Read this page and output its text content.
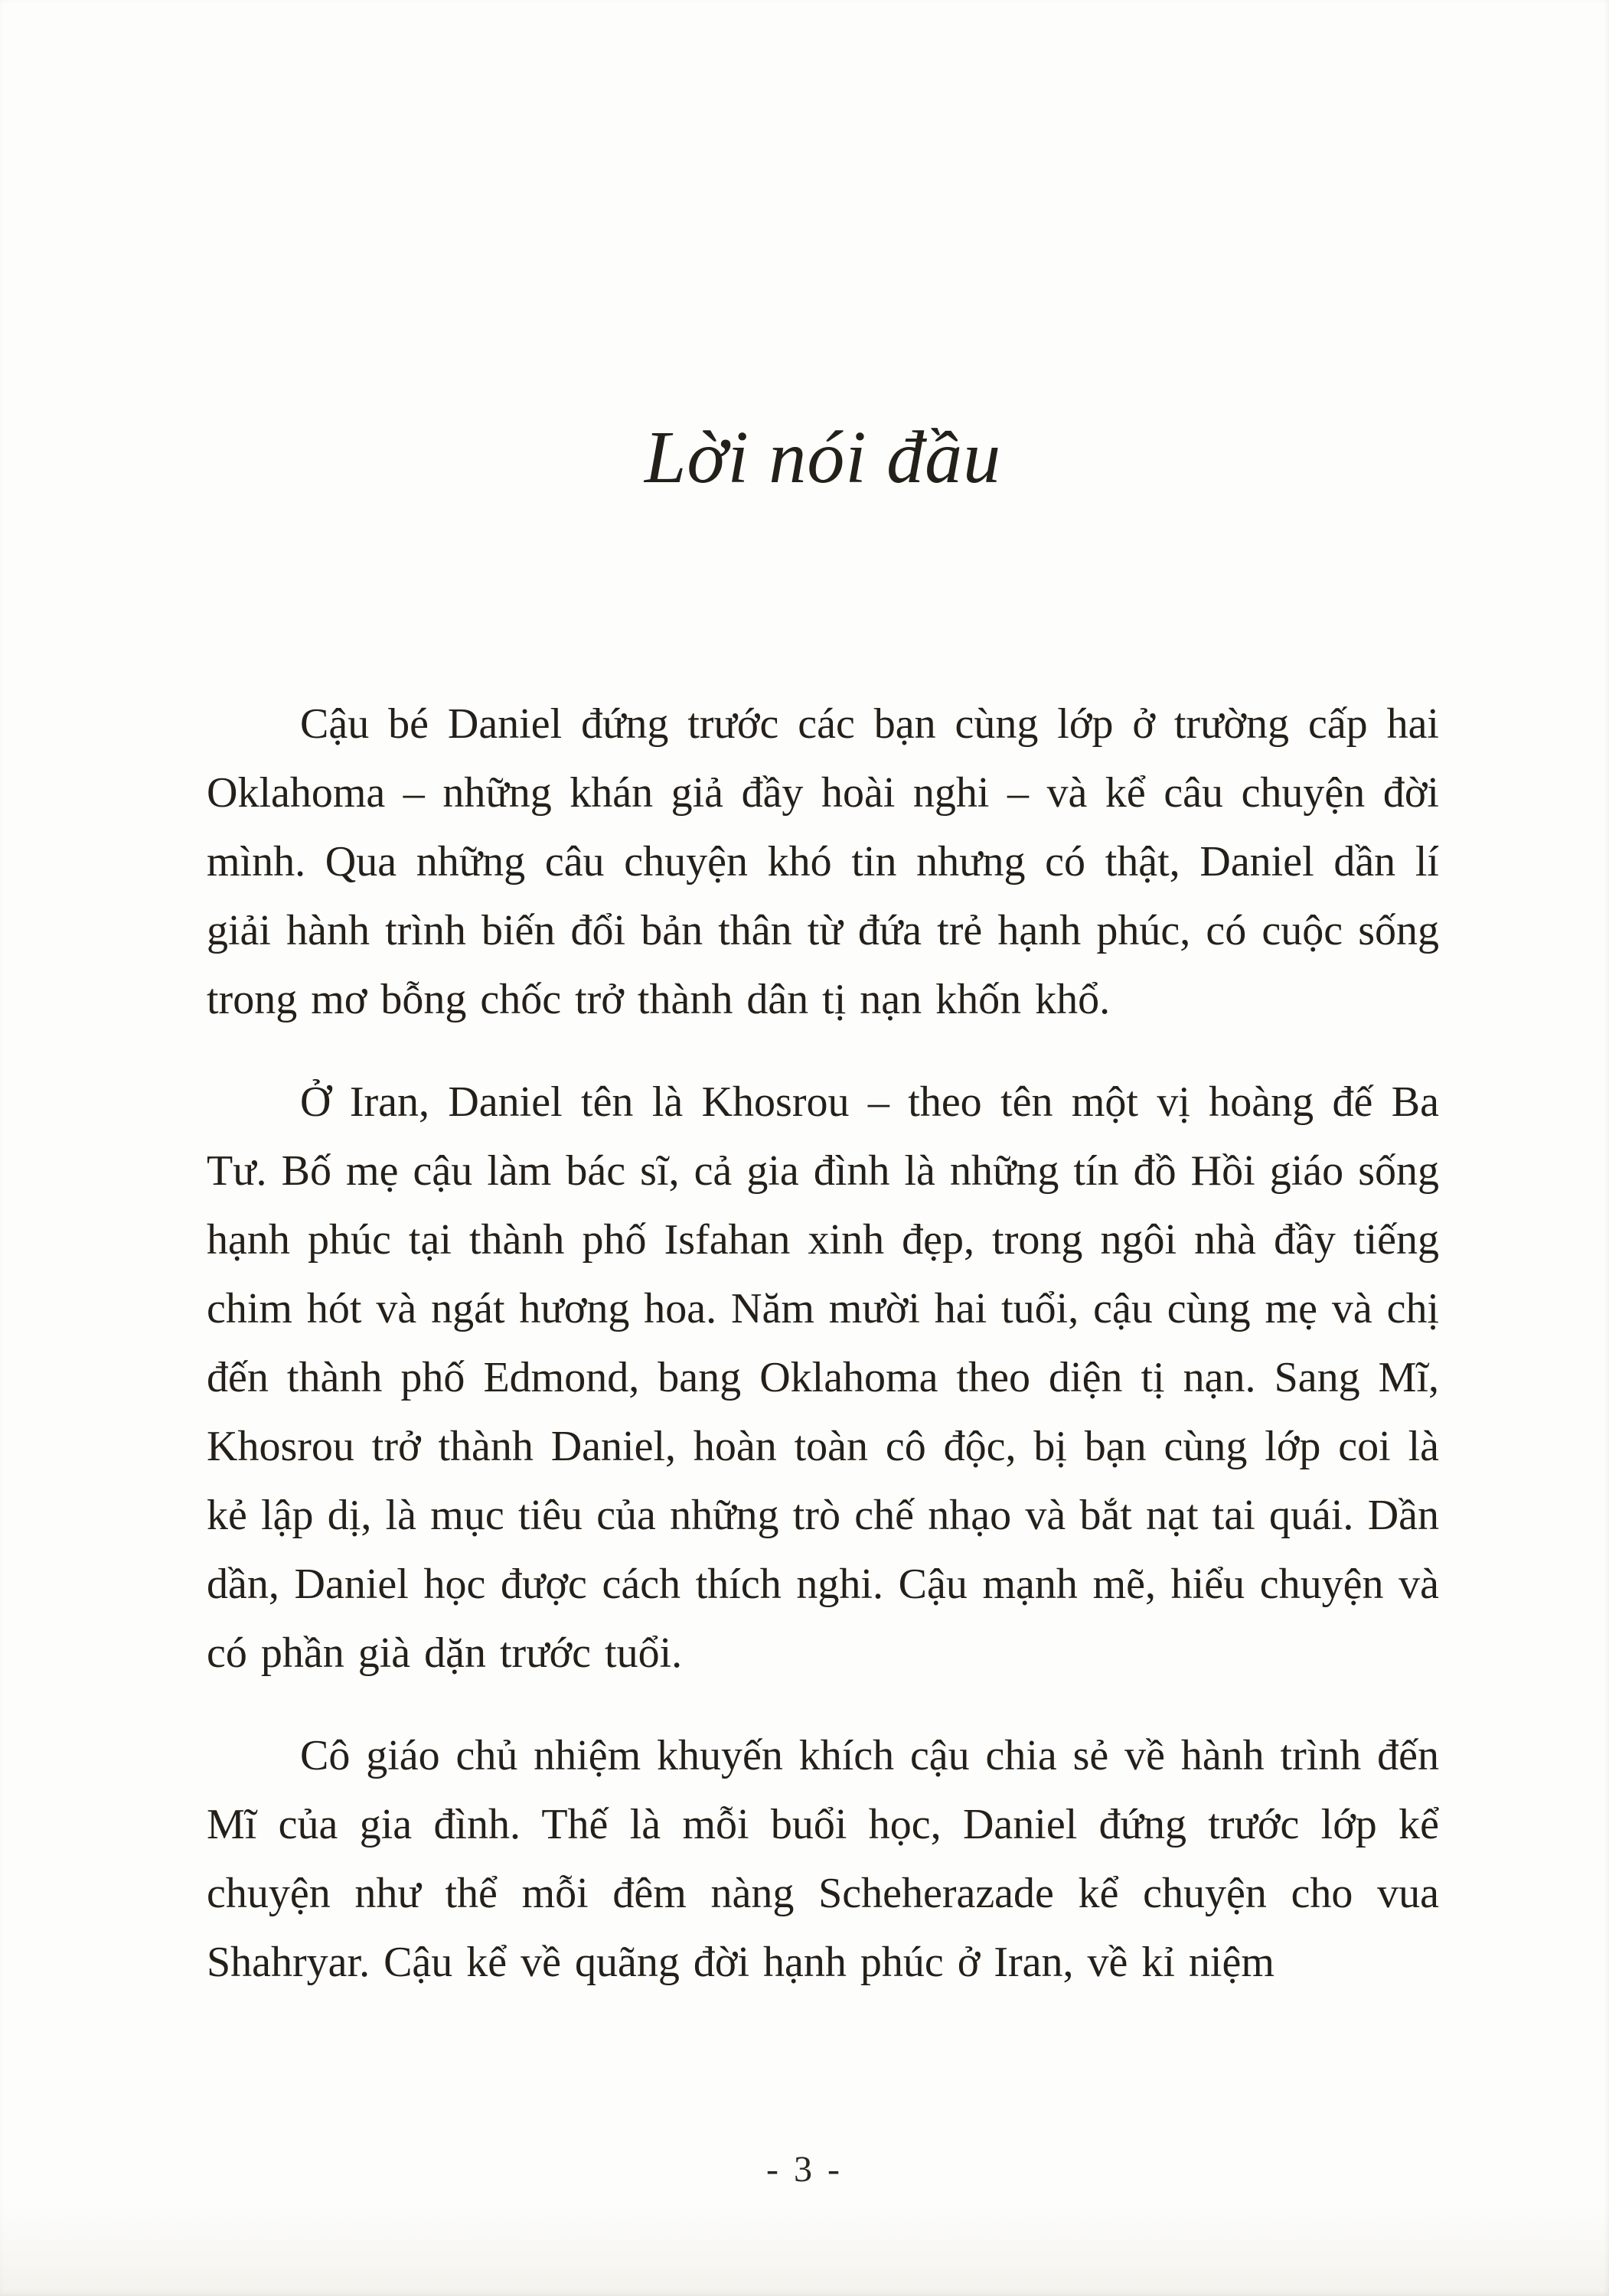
Lời nói đầu

Cậu bé Daniel đứng trước các bạn cùng lớp ở trường cấp hai Oklahoma – những khán giả đầy hoài nghi – và kể câu chuyện đời mình. Qua những câu chuyện khó tin nhưng có thật, Daniel dần lí giải hành trình biến đổi bản thân từ đứa trẻ hạnh phúc, có cuộc sống trong mơ bỗng chốc trở thành dân tị nạn khốn khổ.

Ở Iran, Daniel tên là Khosrou – theo tên một vị hoàng đế Ba Tư. Bố mẹ cậu làm bác sĩ, cả gia đình là những tín đồ Hồi giáo sống hạnh phúc tại thành phố Isfahan xinh đẹp, trong ngôi nhà đầy tiếng chim hót và ngát hương hoa. Năm mười hai tuổi, cậu cùng mẹ và chị đến thành phố Edmond, bang Oklahoma theo diện tị nạn. Sang Mĩ, Khosrou trở thành Daniel, hoàn toàn cô độc, bị bạn cùng lớp coi là kẻ lập dị, là mục tiêu của những trò chế nhạo và bắt nạt tai quái. Dần dần, Daniel học được cách thích nghi. Cậu mạnh mẽ, hiểu chuyện và có phần già dặn trước tuổi.

Cô giáo chủ nhiệm khuyến khích cậu chia sẻ về hành trình đến Mĩ của gia đình. Thế là mỗi buổi học, Daniel đứng trước lớp kể chuyện như thể mỗi đêm nàng Scheherazade kể chuyện cho vua Shahryar. Cậu kể về quãng đời hạnh phúc ở Iran, về kỉ niệm

- 3 -
